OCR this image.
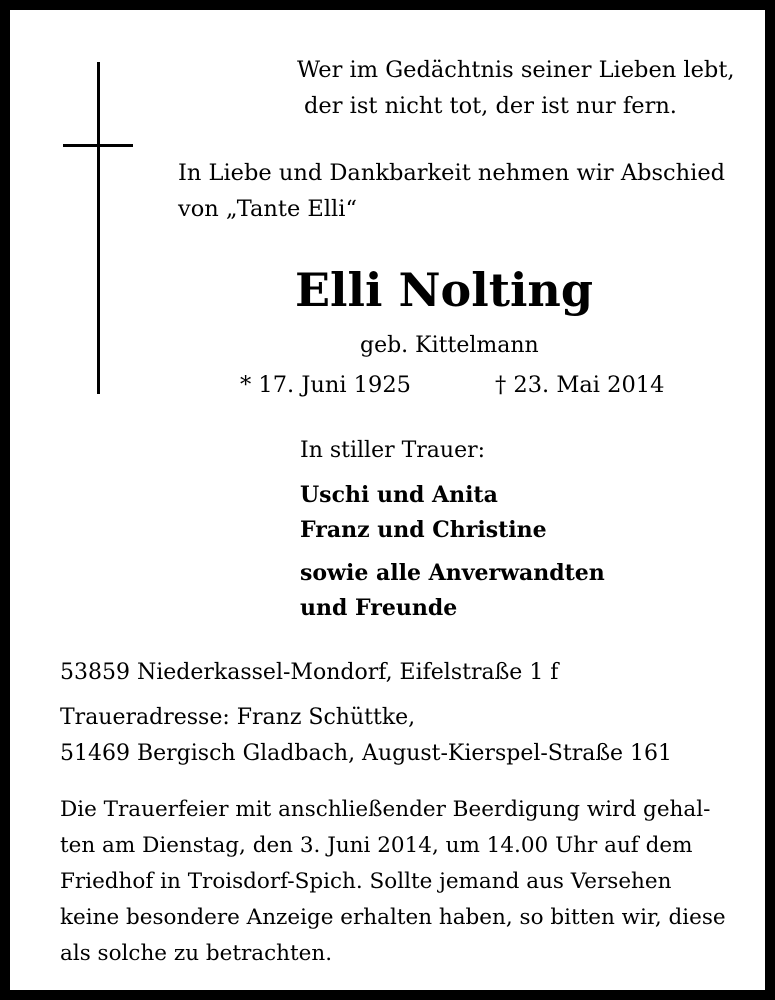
Wer im Gedächtnis seiner Lieben lebt,

der ist nicht tot, der ist nur fern.

In Liebe und Dankbarkeit nehmen wir Abschied

von „Tante Elli“

Elli Nolting

geb. Kittelmann

* 17. Juni 1925	† 23. Mai 2014

In stiller Trauer:

Uschi und Anita

Franz und Christine

sowie alle Anverwandten

und Freunde

53859 Niederkassel-Mondorf, Eifelstraße 1 f

Traueradresse: Franz Schüttke,

51469 Bergisch Gladbach, August-Kierspel-Straße 161

Die Trauerfeier mit anschließender Beerdigung wird gehal-

ten am Dienstag, den 3. Juni 2014, um 14.00 Uhr auf dem

Friedhof in Troisdorf-Spich. Sollte jemand aus Versehen

keine besondere Anzeige erhalten haben, so bitten wir, diese

als solche zu betrachten.
